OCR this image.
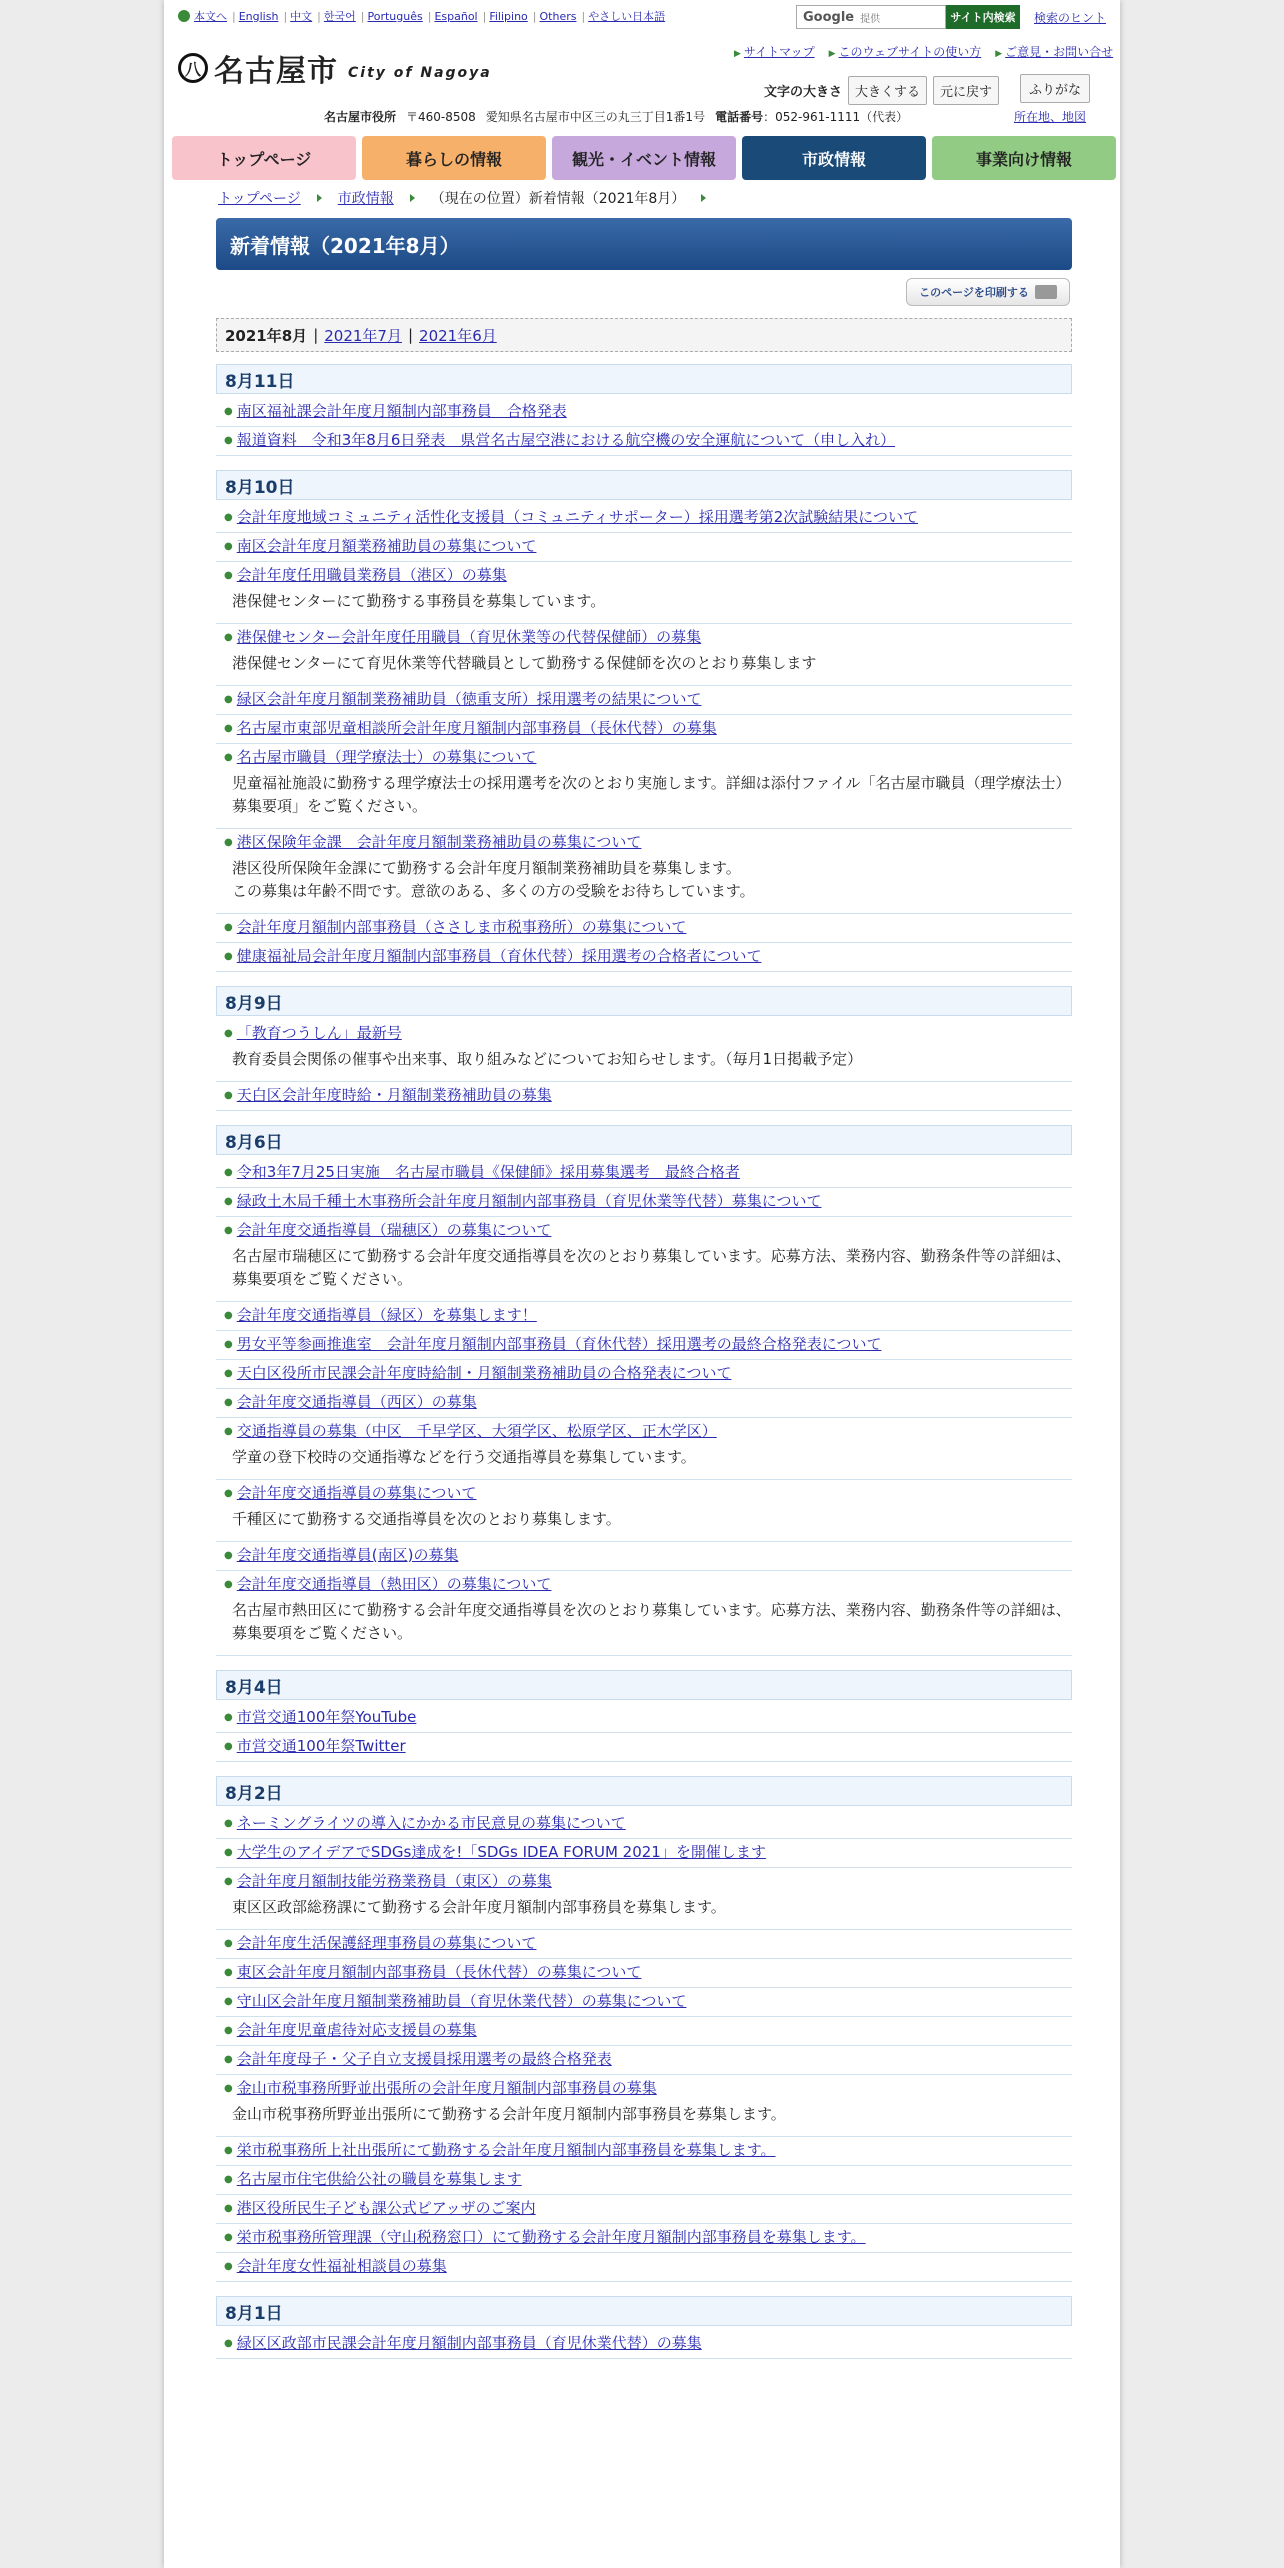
本文へ | English | 中文 | 한국어 | Português | Español | Filipino | Others | やさしい日本語	Google 提供	サイト内検索	検索のヒント
八 名古屋市 City of Nagoya
▶ サイトマップ ▶ このウェブサイトの使い方 ▶ ご意見・お問い合せ
文字の大きさ	大きくする	元に戻す	ふりがな
名古屋市役所 〒460-8508 愛知県名古屋市中区三の丸三丁目1番1号 電話番号：052-961-1111（代表）	所在地、地図
トップページ	暮らしの情報	観光・イベント情報	市政情報	事業向け情報
トップページ	市政情報	（現在の位置）新着情報（2021年8月）
新着情報（2021年8月）
このページを印刷する
2021年8月 | 2021年7月 | 2021年6月
8月11日
● 南区福祉課会計年度月額制内部事務員　合格発表
● 報道資料　令和3年8月6日発表　県営名古屋空港における航空機の安全運航について（申し入れ）
8月10日
● 会計年度地域コミュニティ活性化支援員（コミュニティサポーター）採用選考第2次試験結果について
● 南区会計年度月額業務補助員の募集について
● 会計年度任用職員業務員（港区）の募集
港保健センターにて勤務する事務員を募集しています。
● 港保健センター会計年度任用職員（育児休業等の代替保健師）の募集
港保健センターにて育児休業等代替職員として勤務する保健師を次のとおり募集します
● 緑区会計年度月額制業務補助員（徳重支所）採用選考の結果について
● 名古屋市東部児童相談所会計年度月額制内部事務員（長休代替）の募集
● 名古屋市職員（理学療法士）の募集について
児童福祉施設に勤務する理学療法士の採用選考を次のとおり実施します。詳細は添付ファイル「名古屋市職員（理学療法士）募集要項」をご覧ください。
● 港区保険年金課　会計年度月額制業務補助員の募集について
港区役所保険年金課にて勤務する会計年度月額制業務補助員を募集します。
この募集は年齢不問です。意欲のある、多くの方の受験をお待ちしています。
● 会計年度月額制内部事務員（ささしま市税事務所）の募集について
● 健康福祉局会計年度月額制内部事務員（育休代替）採用選考の合格者について
8月9日
● 「教育つうしん」最新号
教育委員会関係の催事や出来事、取り組みなどについてお知らせします。（毎月1日掲載予定）
● 天白区会計年度時給・月額制業務補助員の募集
8月6日
● 令和3年7月25日実施　名古屋市職員《保健師》採用募集選考　最終合格者
● 緑政土木局千種土木事務所会計年度月額制内部事務員（育児休業等代替）募集について
● 会計年度交通指導員（瑞穂区）の募集について
名古屋市瑞穂区にて勤務する会計年度交通指導員を次のとおり募集しています。応募方法、業務内容、勤務条件等の詳細は、募集要項をご覧ください。
● 会計年度交通指導員（緑区）を募集します！
● 男女平等参画推進室　会計年度月額制内部事務員（育休代替）採用選考の最終合格発表について
● 天白区役所市民課会計年度時給制・月額制業務補助員の合格発表について
● 会計年度交通指導員（西区）の募集
● 交通指導員の募集（中区　千早学区、大須学区、松原学区、正木学区）
学童の登下校時の交通指導などを行う交通指導員を募集しています。
● 会計年度交通指導員の募集について
千種区にて勤務する交通指導員を次のとおり募集します。
● 会計年度交通指導員(南区)の募集
● 会計年度交通指導員（熱田区）の募集について
名古屋市熱田区にて勤務する会計年度交通指導員を次のとおり募集しています。応募方法、業務内容、勤務条件等の詳細は、募集要項をご覧ください。
8月4日
● 市営交通100年祭YouTube
● 市営交通100年祭Twitter
8月2日
● ネーミングライツの導入にかかる市民意見の募集について
● 大学生のアイデアでSDGs達成を!「SDGs IDEA FORUM 2021」を開催します
● 会計年度月額制技能労務業務員（東区）の募集
東区区政部総務課にて勤務する会計年度月額制内部事務員を募集します。
● 会計年度生活保護経理事務員の募集について
● 東区会計年度月額制内部事務員（長休代替）の募集について
● 守山区会計年度月額制業務補助員（育児休業代替）の募集について
● 会計年度児童虐待対応支援員の募集
● 会計年度母子・父子自立支援員採用選考の最終合格発表
● 金山市税事務所野並出張所の会計年度月額制内部事務員の募集
金山市税事務所野並出張所にて勤務する会計年度月額制内部事務員を募集します。
● 栄市税事務所上社出張所にて勤務する会計年度月額制内部事務員を募集します。
● 名古屋市住宅供給公社の職員を募集します
● 港区役所民生子ども課公式ピアッザのご案内
● 栄市税事務所管理課（守山税務窓口）にて勤務する会計年度月額制内部事務員を募集します。
● 会計年度女性福祉相談員の募集
8月1日
● 緑区区政部市民課会計年度月額制内部事務員（育児休業代替）の募集
